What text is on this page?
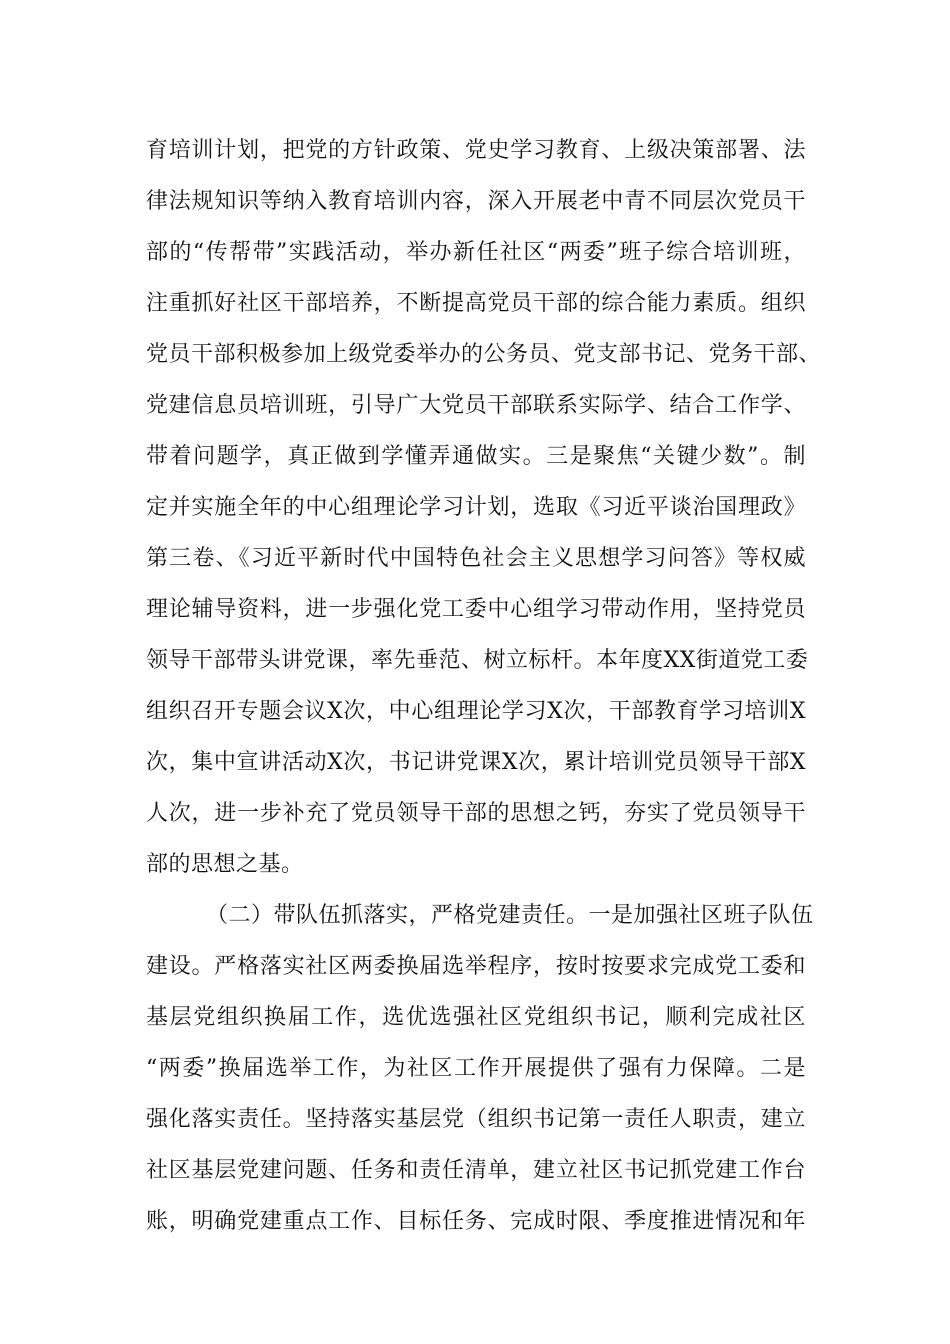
育培训计划，把党的方针政策、党史学习教育、上级决策部署、法
律法规知识等纳入教育培训内容，深入开展老中青不同层次党员干
部的“传帮带”实践活动，举办新任社区“两委”班子综合培训班，
注重抓好社区干部培养，不断提高党员干部的综合能力素质。组织
党员干部积极参加上级党委举办的公务员、党支部书记、党务干部、
党建信息员培训班，引导广大党员干部联系实际学、结合工作学、
带着问题学，真正做到学懂弄通做实。三是聚焦“关键少数”。制
定并实施全年的中心组理论学习计划，选取《习近平谈治国理政》
第三卷、《习近平新时代中国特色社会主义思想学习问答》等权威
理论辅导资料，进一步强化党工委中心组学习带动作用，坚持党员
领导干部带头讲党课，率先垂范、树立标杆。本年度XX街道党工委
组织召开专题会议X次，中心组理论学习X次，干部教育学习培训X
次，集中宣讲活动X次，书记讲党课X次，累计培训党员领导干部X
人次，进一步补充了党员领导干部的思想之钙，夯实了党员领导干
部的思想之基。
（二）带队伍抓落实，严格党建责任。一是加强社区班子队伍
建设。严格落实社区两委换届选举程序，按时按要求完成党工委和
基层党组织换届工作，选优选强社区党组织书记，顺利完成社区
“两委”换届选举工作，为社区工作开展提供了强有力保障。二是
强化落实责任。坚持落实基层党（组织书记第一责任人职责，建立
社区基层党建问题、任务和责任清单，建立社区书记抓党建工作台
账，明确党建重点工作、目标任务、完成时限、季度推进情况和年
